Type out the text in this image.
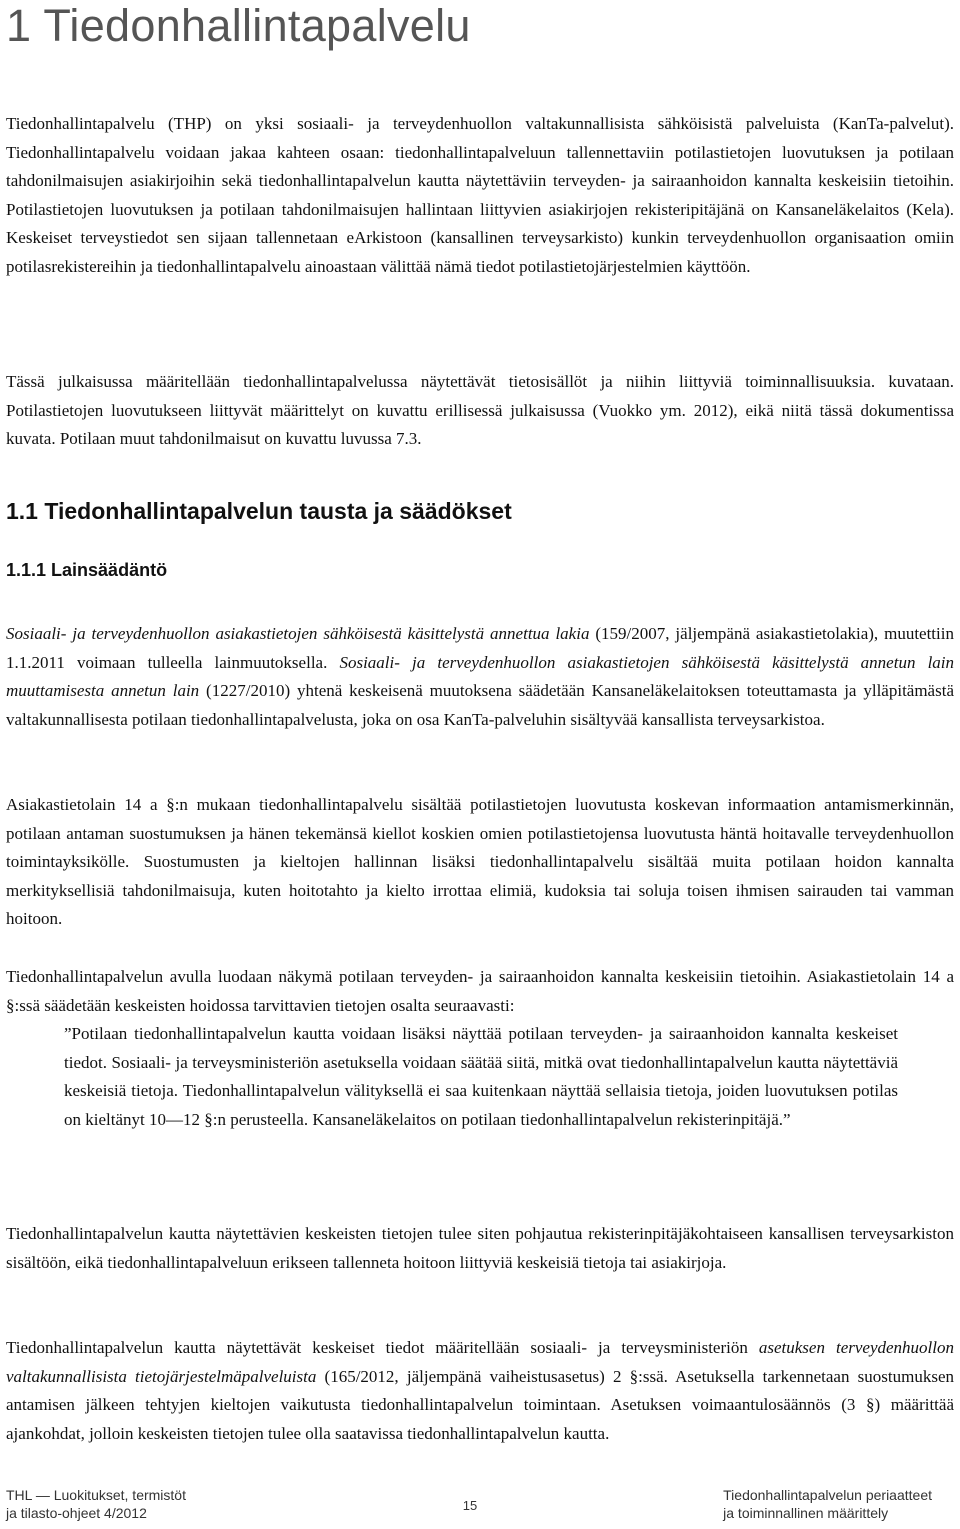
1 Tiedonhallintapalvelu

Tiedonhallintapalvelu (THP) on yksi sosiaali- ja terveydenhuollon valtakunnallisista sähköisistä palveluista (KanTa-palvelut). Tiedonhallintapalvelu voidaan jakaa kahteen osaan: tiedonhallintapalveluun tallennettaviin potilastietojen luovutuksen ja potilaan tahdonilmaisujen asiakirjoihin sekä tiedonhallintapalvelun kautta näytettäviin terveyden- ja sairaanhoidon kannalta keskeisiin tietoihin. Potilastietojen luovutuksen ja potilaan tahdonilmaisujen hallintaan liittyvien asiakirjojen rekisteripitäjänä on Kansaneläkelaitos (Kela). Keskeiset terveystiedot sen sijaan tallennetaan eArkistoon (kansallinen terveysarkisto) kunkin terveydenhuollon organisaation omiin potilasrekistereihin ja tiedonhallintapalvelu ainoastaan välittää nämä tiedot potilastietojärjestelmien käyttöön.

Tässä julkaisussa määritellään tiedonhallintapalvelussa näytettävät tietosisällöt ja niihin liittyviä toiminnallisuuksia. kuvataan. Potilastietojen luovutukseen liittyvät määrittelyt on kuvattu erillisessä julkaisussa (Vuokko ym. 2012), eikä niitä tässä dokumentissa kuvata. Potilaan muut tahdonilmaisut on kuvattu luvussa 7.3.

1.1 Tiedonhallintapalvelun tausta ja säädökset
1.1.1 Lainsäädäntö

Sosiaali- ja terveydenhuollon asiakastietojen sähköisestä käsittelystä annettua lakia (159/2007, jäljempänä asiakastietolakia), muutettiin 1.1.2011 voimaan tulleella lainmuutoksella. Sosiaali- ja terveydenhuollon asiakastietojen sähköisestä käsittelystä annetun lain muuttamisesta annetun lain (1227/2010) yhtenä keskeisenä muutoksena säädetään Kansaneläkelaitoksen toteuttamasta ja ylläpitämästä valtakunnallisesta potilaan tiedonhallintapalvelusta, joka on osa KanTa-palveluhin sisältyvää kansallista terveysarkistoa.

Asiakastietolain 14 a §:n mukaan tiedonhallintapalvelu sisältää potilastietojen luovutusta koskevan informaation antamismerkinnän, potilaan antaman suostumuksen ja hänen tekemänsä kiellot koskien omien potilastietojensa luovutusta häntä hoitavalle terveydenhuollon toimintayksikölle. Suostumusten ja kieltojen hallinnan lisäksi tiedonhallintapalvelu sisältää muita potilaan hoidon kannalta merkityksellisiä tahdonilmaisuja, kuten hoitotahto ja kielto irrottaa elimiä, kudoksia tai soluja toisen ihmisen sairauden tai vamman hoitoon.

Tiedonhallintapalvelun avulla luodaan näkymä potilaan terveyden- ja sairaanhoidon kannalta keskeisiin tietoihin. Asiakastietolain 14 a §:ssä säädetään keskeisten hoidossa tarvittavien tietojen osalta seuraavasti:

”Potilaan tiedonhallintapalvelun kautta voidaan lisäksi näyttää potilaan terveyden- ja sairaanhoidon kannalta keskeiset tiedot. Sosiaali- ja terveysministeriön asetuksella voidaan säätää siitä, mitkä ovat tiedonhallintapalvelun kautta näytettäviä keskeisiä tietoja. Tiedonhallintapalvelun välityksellä ei saa kuitenkaan näyttää sellaisia tietoja, joiden luovutuksen potilas on kieltänyt 10—12 §:n perusteella. Kansaneläkelaitos on potilaan tiedonhallintapalvelun rekisterinpitäjä.”

Tiedonhallintapalvelun kautta näytettävien keskeisten tietojen tulee siten pohjautua rekisterinpitäjäkohtaiseen kansallisen terveysarkiston sisältöön, eikä tiedonhallintapalveluun erikseen tallenneta hoitoon liittyviä keskeisiä tietoja tai asiakirjoja.

Tiedonhallintapalvelun kautta näytettävät keskeiset tiedot määritellään sosiaali- ja terveysministeriön asetuksen terveydenhuollon valtakunnallisista tietojärjestelmäpalveluista (165/2012, jäljempänä vaiheistusasetus) 2 §:ssä. Asetuksella tarkennetaan suostumuksen antamisen jälkeen tehtyjen kieltojen vaikutusta tiedonhallintapalvelun toimintaan. Asetuksen voimaantulosäännös (3 §) määrittää ajankohdat, jolloin keskeisten tietojen tulee olla saatavissa tiedonhallintapalvelun kautta.

THL — Luokitukset, termistöt
ja tilasto-ohjeet 4/2012	15
Tiedonhallintapalvelun periaatteet
ja toiminnallinen määrittely
